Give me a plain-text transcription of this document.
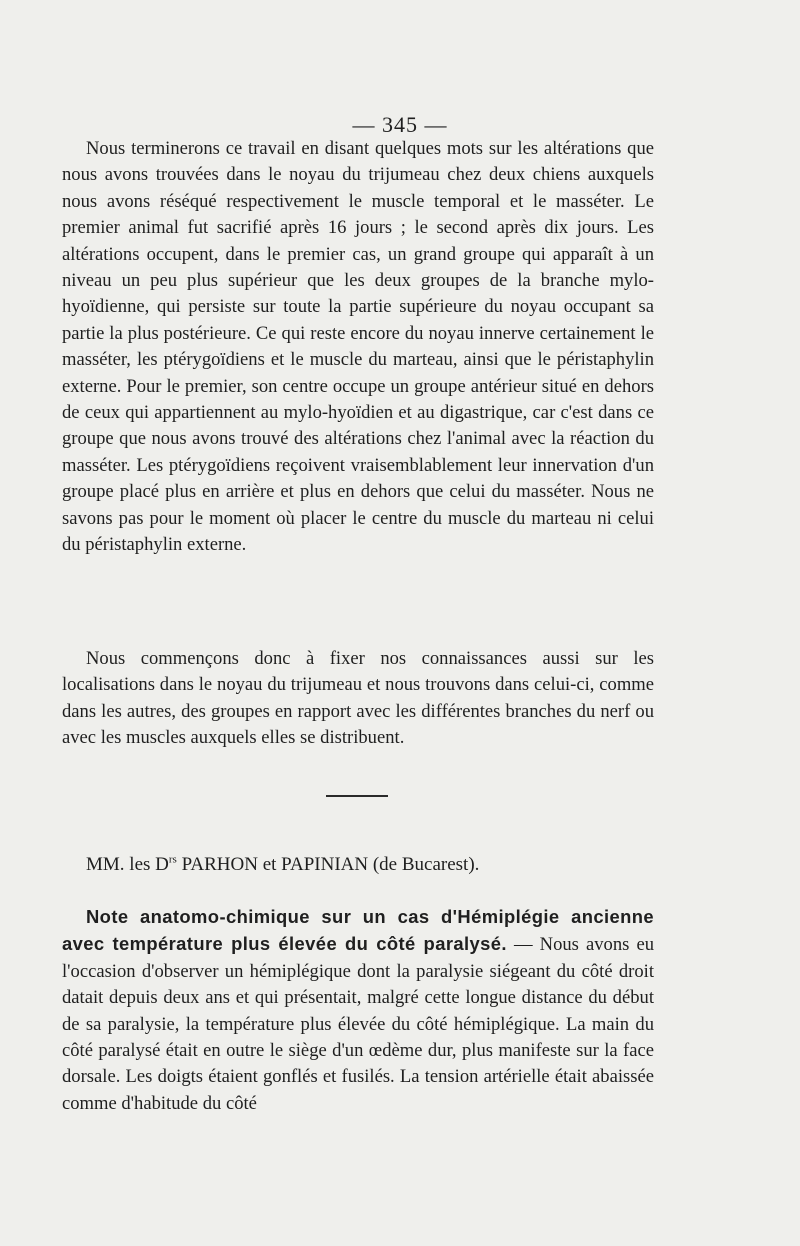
— 345 —

Nous terminerons ce travail en disant quelques mots sur les altérations que nous avons trouvées dans le noyau du trijumeau chez deux chiens auxquels nous avons réséqué respectivement le muscle temporal et le masséter. Le premier animal fut sacrifié après 16 jours ; le second après dix jours. Les altérations occupent, dans le premier cas, un grand groupe qui apparaît à un niveau un peu plus supérieur que les deux groupes de la branche mylo-hyoïdienne, qui persiste sur toute la partie supérieure du noyau occupant sa partie la plus postérieure. Ce qui reste encore du noyau innerve certainement le masséter, les ptérygoïdiens et le muscle du marteau, ainsi que le péristaphylin externe. Pour le premier, son centre occupe un groupe antérieur situé en dehors de ceux qui appartiennent au mylo-hyoïdien et au digastrique, car c'est dans ce groupe que nous avons trouvé des altérations chez l'animal avec la réaction du masséter. Les ptérygoïdiens reçoivent vraisemblablement leur innervation d'un groupe placé plus en arrière et plus en dehors que celui du masséter. Nous ne savons pas pour le moment où placer le centre du muscle du marteau ni celui du péristaphylin externe.

Nous commençons donc à fixer nos connaissances aussi sur les localisations dans le noyau du trijumeau et nous trouvons dans celui-ci, comme dans les autres, des groupes en rapport avec les différentes branches du nerf ou avec les muscles auxquels elles se distribuent.

MM. les $D^{rs}$ PARHON et PAPINIAN (de Bucarest).

Note anatomo-chimique sur un cas d'Hémiplégie ancienne avec température plus élevée du côté paralysé. — Nous avons eu l'occasion d'observer un hémiplégique dont la paralysie siégeant du côté droit datait depuis deux ans et qui présentait, malgré cette longue distance du début de sa paralysie, la température plus élevée du côté hémiplégique. La main du côté paralysé était en outre le siège d'un œdème dur, plus manifeste sur la face dorsale. Les doigts étaient gonflés et fusilés. La tension artérielle était abaissée comme d'habitude du côté
